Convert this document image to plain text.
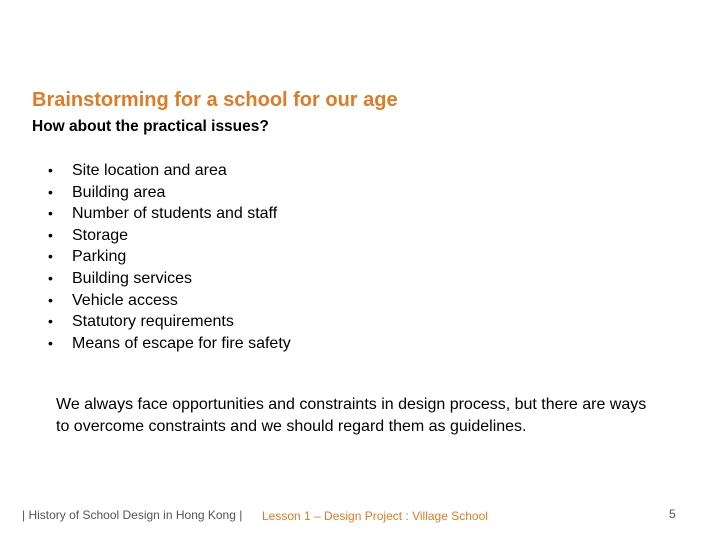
Brainstorming for a school for our age
How about the practical issues?
•	Site location and area
•	Building area
•	Number of students and staff
•	Storage
•	Parking
•	Building services
•	Vehicle access
•	Statutory requirements
•	Means of escape for fire safety

We always face opportunities and constraints in design process, but there are ways to overcome constraints and we should regard them as guidelines.

| History of School Design in Hong Kong | Lesson 1 – Design Project : Village School	5
